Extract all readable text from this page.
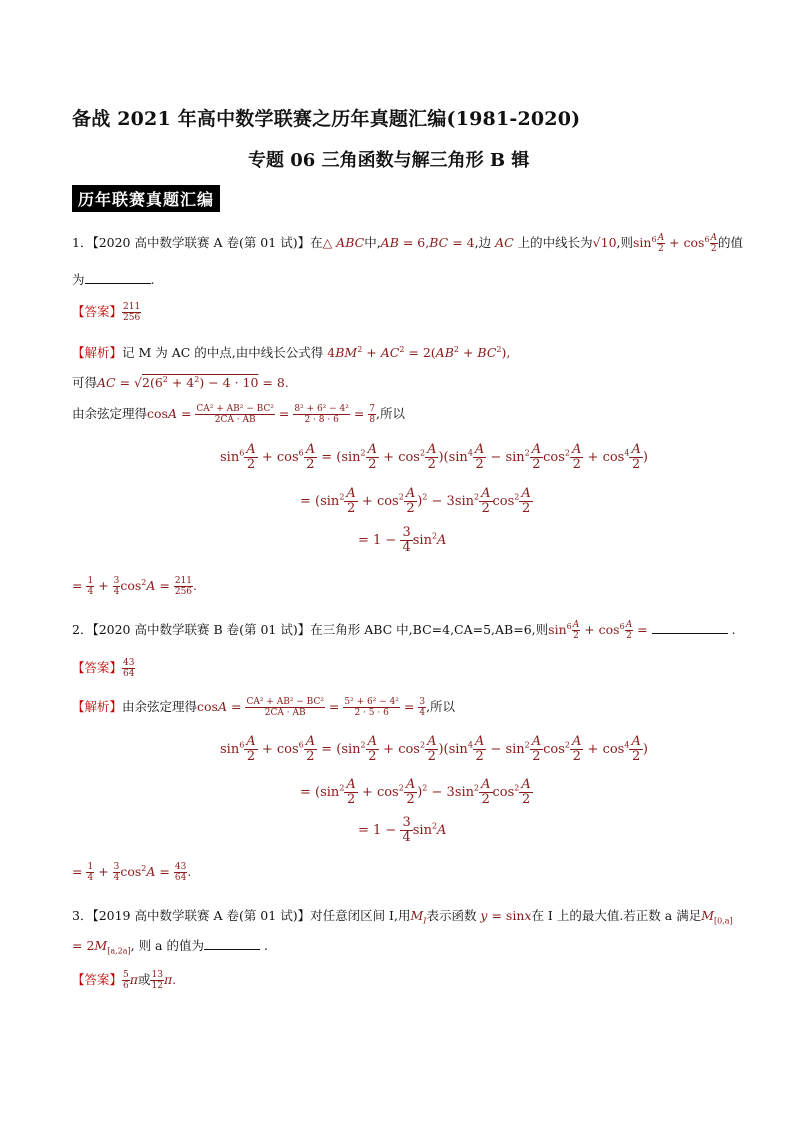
备战 2021 年高中数学联赛之历年真题汇编(1981-2020)
专题 06 三角函数与解三角形 B 辑
历年联赛真题汇编
1．【2020 高中数学联赛 A 卷(第 01 试)】在△ ABC中,AB = 6,BC = 4,边 AC 上的中线长为√10,则$\sin^6 \frac{A}{2} + \cos^6 \frac{A}{2}$ 的值
为	.
【答案】 $\frac{211}{256}$
【解析】记 M 为 AC 的中点,由中线长公式得 $4BM^2 + AC^2 = 2(AB^2 + BC^2)$,
可得AC = $√2(6^2 + 4^2) - 4 \cdot 10 = 8$.
由余弦定理得$\cos A = \frac{\text{CA² + AB² − BC²}}{2CA \cdot AB} = \frac{\text{8² + 6² − 4²}}{2 \cdot 8 \cdot 6} = \frac{7}{8}$ ,所以
$\sin^6 \frac{A}{2} + \cos^6 \frac{A}{2} = (\sin^2 \frac{A}{2} + \cos^2 \frac{A}{2} )(\sin^4 \frac{A}{2} - \sin^2 \frac{A}{2} \cos^2 \frac{A}{2} + \cos^4 \frac{A}{2}$ )
= $(\sin^2 \frac{A}{2} + \cos^2 \frac{A}{2} )^2 - 3\sin^2 \frac{A}{2} \cos^2 \frac{A}{2}$
= $1 - \frac{3}{4} \sin^2A$
= $\frac{1}{4} + \frac{3}{4} \cos^2A = \frac{211}{256}$ .
2．【2020 高中数学联赛 B 卷(第 01 试)】在三角形 ABC 中,BC=4,CA=5,AB=6,则$\sin^6 \frac{A}{2} + \cos^6 \frac{A}{2}$ =	.
【答案】 $\frac{43}{64}$
【解析】由余弦定理得$\cos A = \frac{\text{CA² + AB² − BC²}}{2CA \cdot AB} = \frac{\text{5² + 6² − 4²}}{2 \cdot 5 \cdot 6} = \frac{3}{4}$ ,所以
$\sin^6 \frac{A}{2} + \cos^6 \frac{A}{2} = (\sin^2 \frac{A}{2} + \cos^2 \frac{A}{2} )(\sin^4 \frac{A}{2} - \sin^2 \frac{A}{2} \cos^2 \frac{A}{2} + \cos^4 \frac{A}{2}$ )
= $(\sin^2 \frac{A}{2} + \cos^2 \frac{A}{2} )^2 - 3\sin^2 \frac{A}{2} \cos^2 \frac{A}{2}$
= $1 - \frac{3}{4} \sin^2A$
= $\frac{1}{4} + \frac{3}{4} \cos^2A = \frac{43}{64}$ .
3．【2019 高中数学联赛 A 卷(第 01 试)】对任意闭区间 I,用$M_I$表示函数 y = sinx在 I 上的最大值.若正数 a 满足$M_{[0,a]}$
= $2M_{[a,2a]}$, 则 a 的值为	.
【答案】 $\frac{5}{6}$ π或 $\frac{13}{12} \pi$.
